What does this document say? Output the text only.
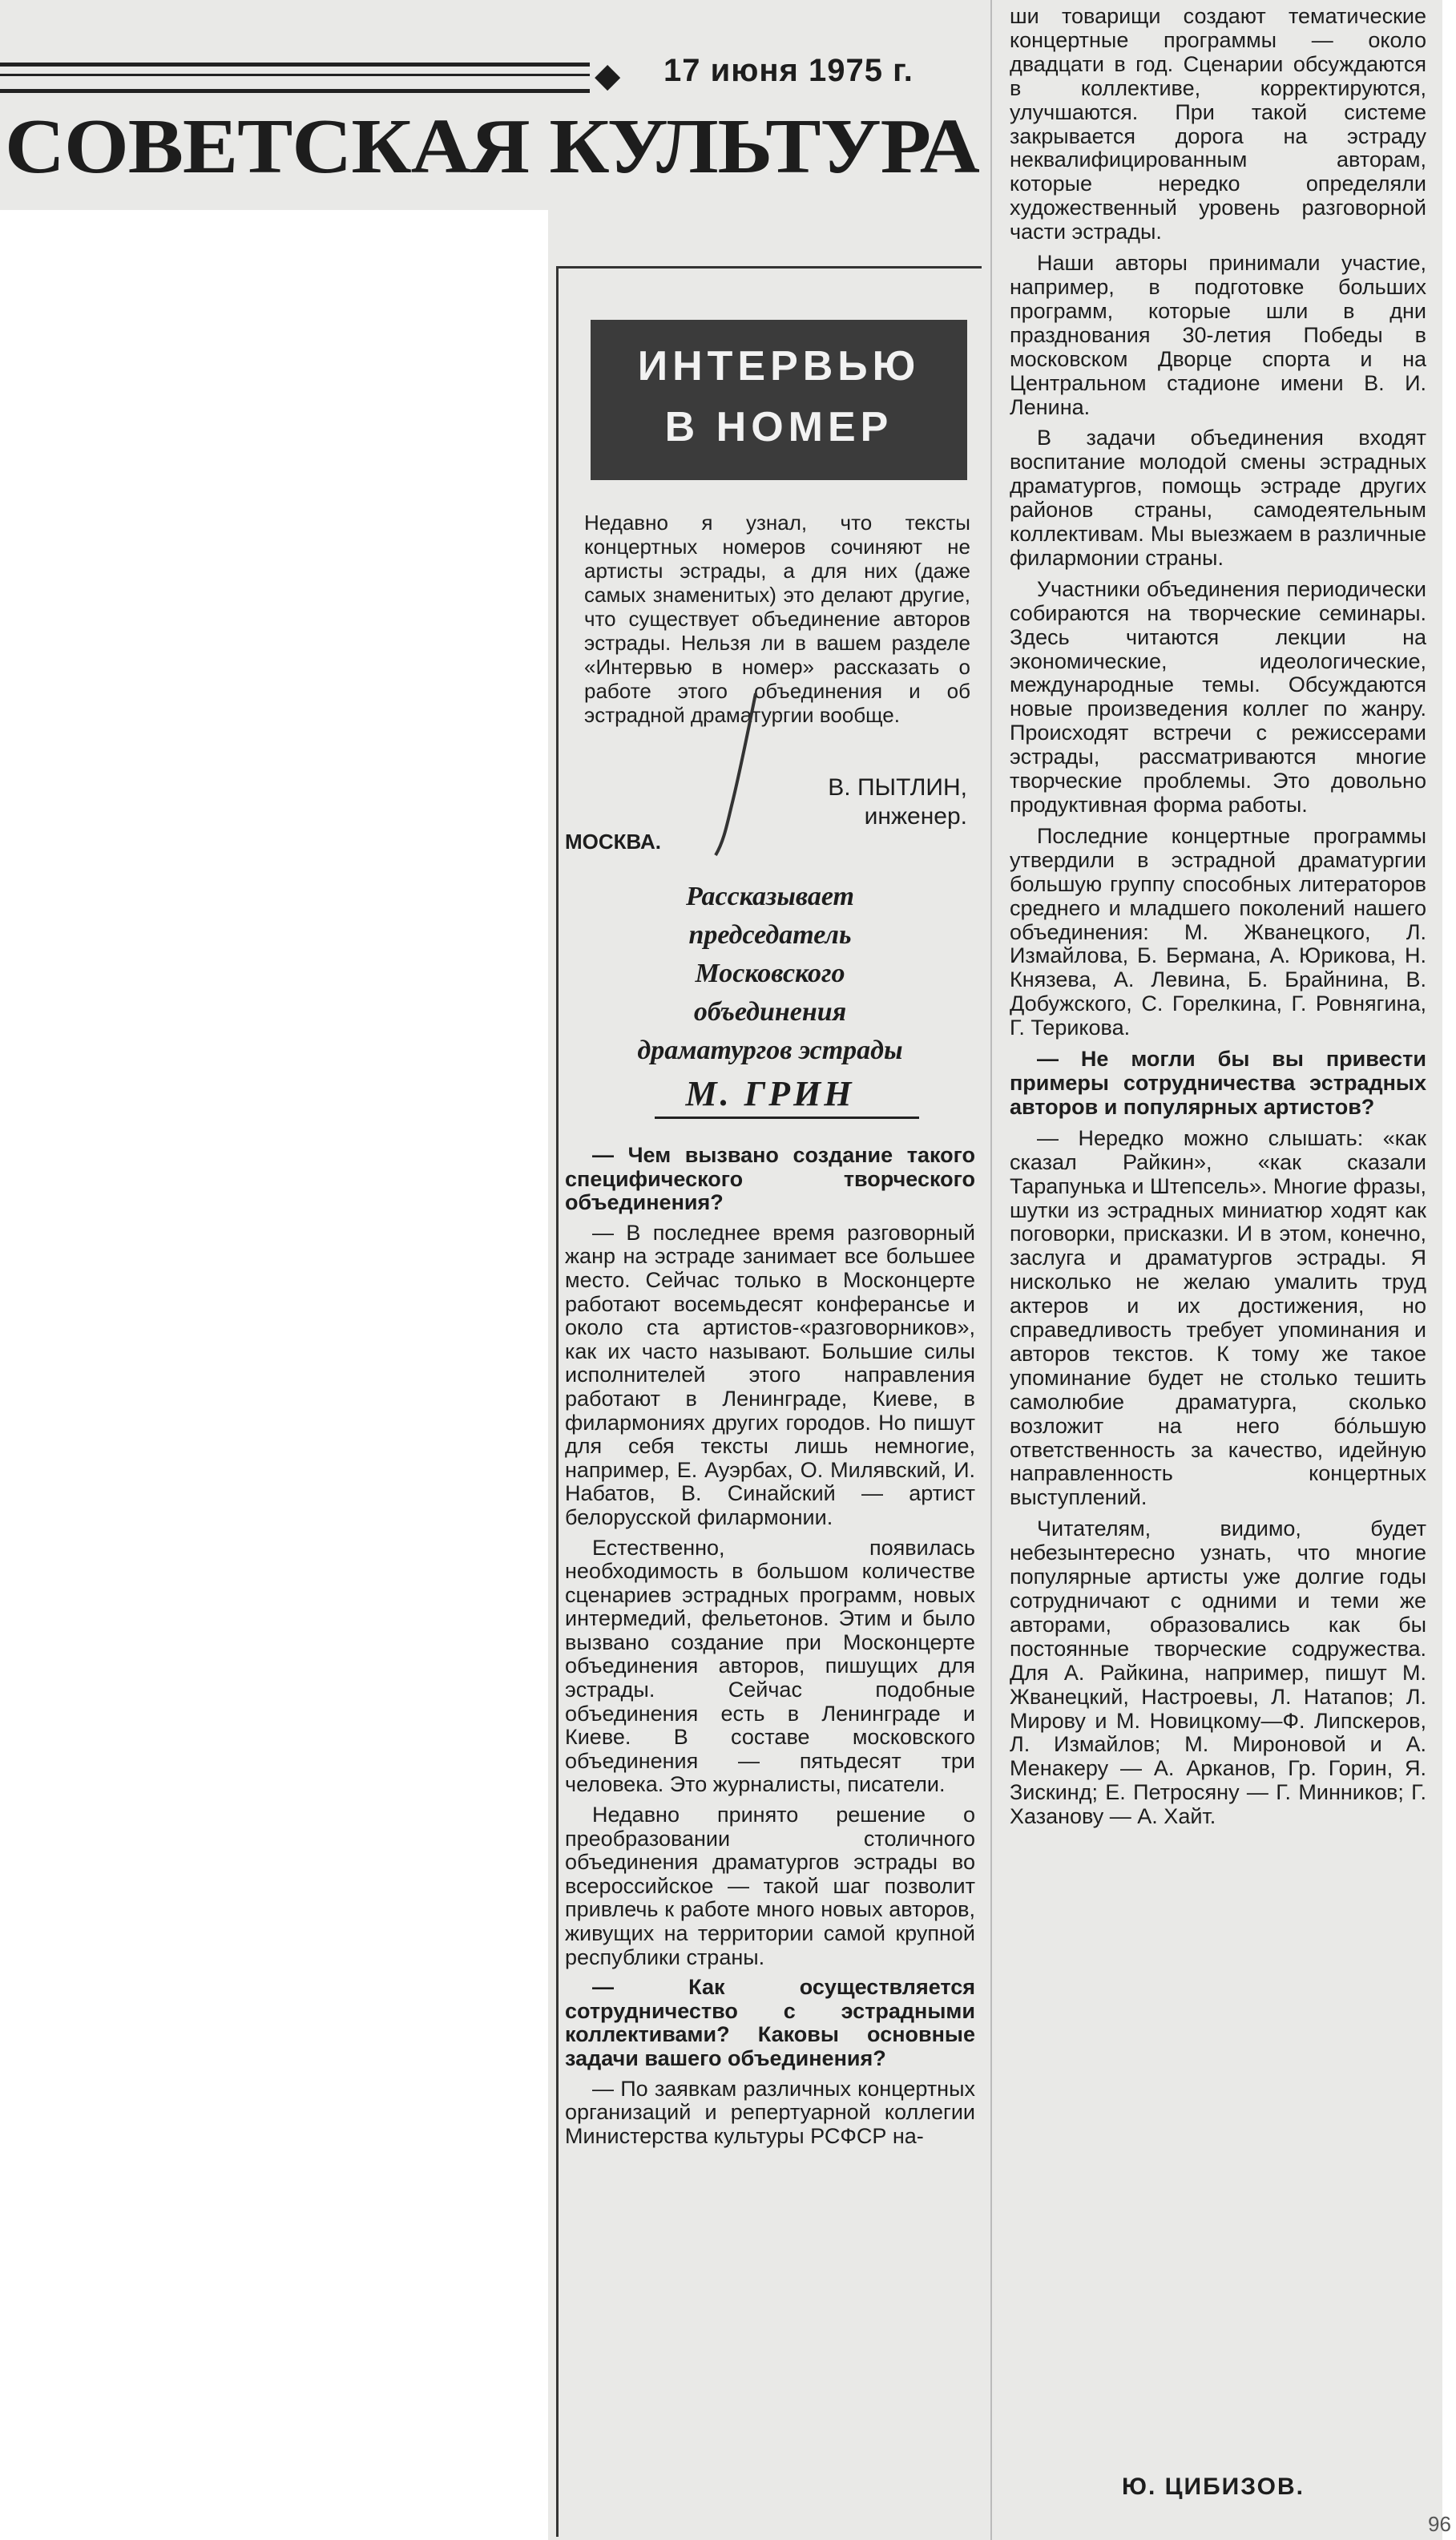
◆ 17 июня 1975 г.
СОВЕТСКАЯ КУЛЬТУРА
ИНТЕРВЬЮ
В НОМЕР
Недавно я узнал, что тексты концертных номеров сочиняют не артисты эстрады, а для них (даже самых знаменитых) это делают другие, что существует объединение авторов эстрады. Нельзя ли в вашем разделе «Интервью в номер» рассказать о работе этого объединения и об эстрадной драматургии вообще.
В. ПЫТЛИН,
инженер.
МОСКВА.
Рассказывает
председатель
Московского
объединения
драматургов эстрады
М. ГРИН

— Чем вызвано создание такого специфического творческого объединения?

— В последнее время разговорный жанр на эстраде занимает все большее место. Сейчас только в Москонцерте работают восемьдесят конферансье и около ста артистов-«разговорников», как их часто называют. Большие силы исполнителей этого направления работают в Ленинграде, Киеве, в филармониях других городов. Но пишут для себя тексты лишь немногие, например, Е. Ауэрбах, О. Милявский, И. Набатов, В. Синайский — артист белорусской филармонии.

Естественно, появилась необходимость в большом количестве сценариев эстрадных программ, новых интермедий, фельетонов. Этим и было вызвано создание при Москонцерте объединения авторов, пишущих для эстрады. Сейчас подобные объединения есть в Ленинграде и Киеве. В составе московского объединения — пятьдесят три человека. Это журналисты, писатели.

Недавно принято решение о преобразовании столичного объединения драматургов эстрады во всероссийское — такой шаг позволит привлечь к работе много новых авторов, живущих на территории самой крупной республики страны.

— Как осуществляется сотрудничество с эстрадными коллективами? Каковы основные задачи вашего объединения?

— По заявкам различных концертных организаций и репертуарной коллегии Министерства культуры РСФСР на-

ши товарищи создают тематические концертные программы — около двадцати в год. Сценарии обсуждаются в коллективе, корректируются, улучшаются. При такой системе закрывается дорога на эстраду неквалифицированным авторам, которые нередко определяли художественный уровень разговорной части эстрады.

Наши авторы принимали участие, например, в подготовке больших программ, которые шли в дни празднования 30-летия Победы в московском Дворце спорта и на Центральном стадионе имени В. И. Ленина.

В задачи объединения входят воспитание молодой смены эстрадных драматургов, помощь эстраде других районов страны, самодеятельным коллективам. Мы выезжаем в различные филармонии страны.

Участники объединения периодически собираются на творческие семинары. Здесь читаются лекции на экономические, идеологические, международные темы. Обсуждаются новые произведения коллег по жанру. Происходят встречи с режиссерами эстрады, рассматриваются многие творческие проблемы. Это довольно продуктивная форма работы.

Последние концертные программы утвердили в эстрадной драматургии большую группу способных литераторов среднего и младшего поколений нашего объединения: М. Жванецкого, Л. Измайлова, Б. Бермана, А. Юрикова, Н. Князева, А. Левина, Б. Брайнина, В. Добужского, С. Горелкина, Г. Ровнягина, Г. Терикова.

— Не могли бы вы привести примеры сотрудничества эстрадных авторов и популярных артистов?

— Нередко можно слышать: «как сказал Райкин», «как сказали Тарапунька и Штепсель». Многие фразы, шутки из эстрадных миниатюр ходят как поговорки, присказки. И в этом, конечно, заслуга и драматургов эстрады. Я нисколько не желаю умалить труд актеров и их достижения, но справедливость требует упоминания и авторов текстов. К тому же такое упоминание будет не столько тешить самолюбие драматурга, сколько возложит на него бо́льшую ответственность за качество, идейную направленность концертных выступлений.

Читателям, видимо, будет небезынтересно узнать, что многие популярные артисты уже долгие годы сотрудничают с одними и теми же авторами, образовались как бы постоянные творческие содружества. Для А. Райкина, например, пишут М. Жванецкий, Настроевы, Л. Натапов; Л. Мирову и М. Новицкому—Ф. Липскеров, Л. Измайлов; М. Мироновой и А. Менакеру — А. Арканов, Гр. Горин, Я. Зискинд; Е. Петросяну — Г. Минников; Г. Хазанову — А. Хайт.

Ю. ЦИБИЗОВ.
96
